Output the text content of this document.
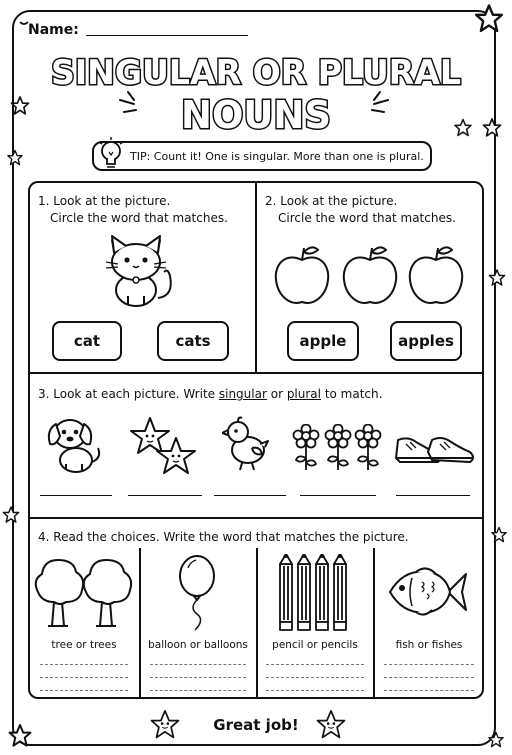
Name:
SINGULAR OR PLURAL
NOUNS
TIP: Count it! One is singular. More than one is plural.
1. Look at the picture.
Circle the word that matches.
cat	cats
2. Look at the picture.
Circle the word that matches.
apple	apples
3. Look at each picture. Write singular or plural to match.
4. Read the choices. Write the word that matches the picture.
tree or trees	balloon or balloons	pencil or pencils	fish or fishes
Great job!
